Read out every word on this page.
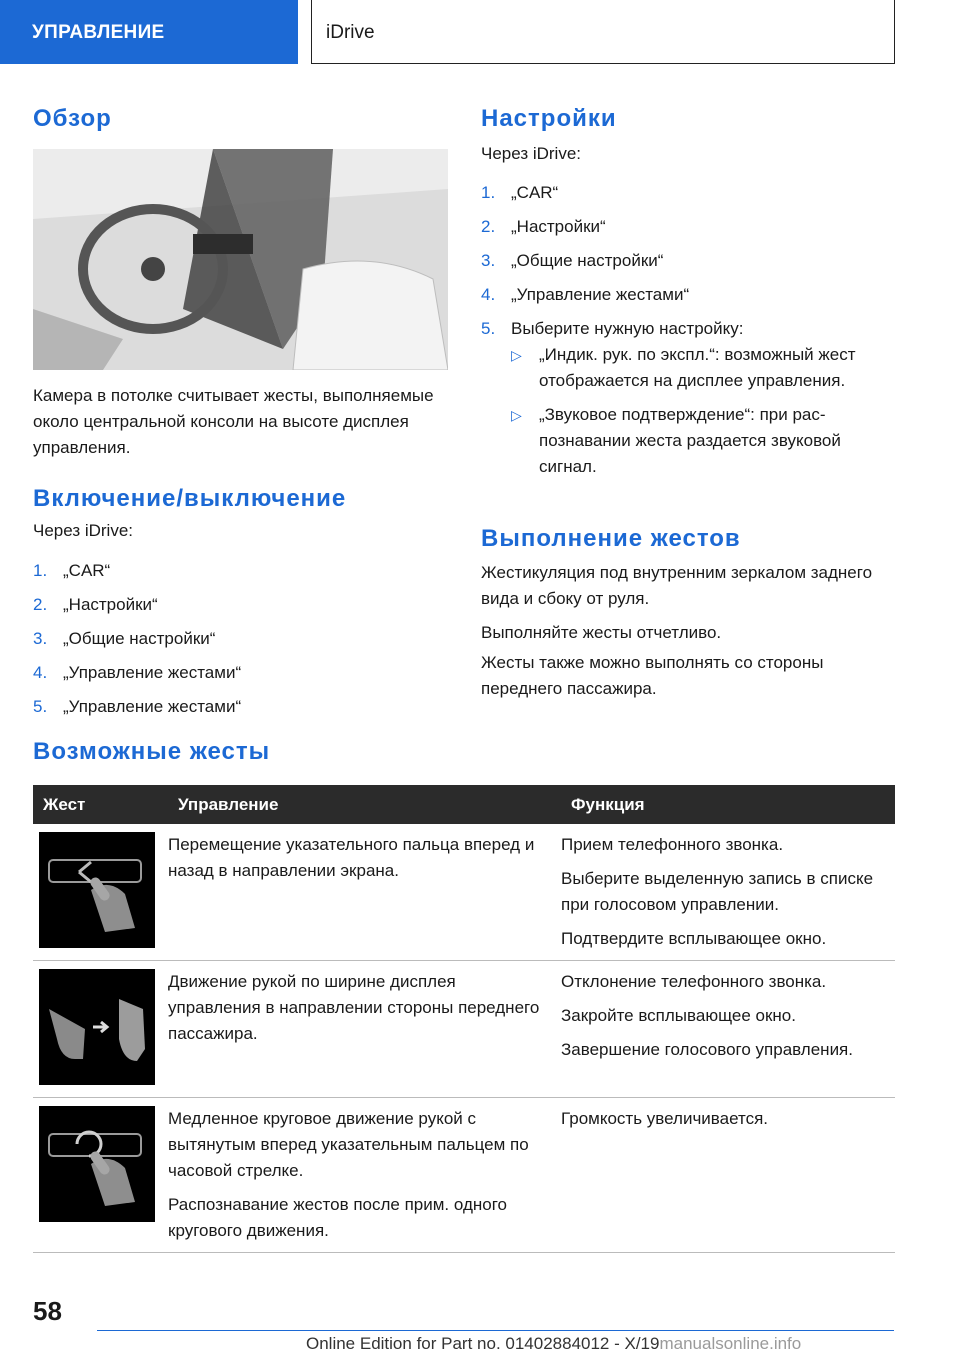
УПРАВЛЕНИЕ	iDrive
Обзор

Камера в потолке считывает жесты, выполняемые около центральной консоли на высоте дисплея управления.

Включение/выключение

Через iDrive:

1. „CAR“
2. „Настройки“
3. „Общие настройки“
4. „Управление жестами“
5. „Управление жестами“
Настройки

Через iDrive:

1. „CAR“
2. „Настройки“
3. „Общие настройки“
4. „Управление жестами“
5. Выберите нужную настройку:
▷ „Индик. рук. по экспл.“: возможный жест отображается на дисплее управления.
▷ „Звуковое подтверждение“: при распознавании жеста раздается звуковой сигнал.
Выполнение жестов

Жестикуляция под внутренним зеркалом заднего вида и сбоку от руля.

Выполняйте жесты отчетливо.

Жесты также можно выполнять со стороны переднего пассажира.

Возможные жесты
Жест	Управление	Функция

Перемещение указательного пальца вперед и назад в направлении экрана.	Прием телефонного звонка.

Выберите выделенную запись в списке при голосовом управлении.

Подтвердите всплывающее окно.

Движение рукой по ширине дисплея управления в направлении стороны переднего пассажира.	Отклонение телефонного звонка.

Закройте всплывающее окно.

Завершение голосового управления.

Медленное круговое движение рукой с вытянутым вперед указательным пальцем по часовой стрелке.

Распознавание жестов после прим. одного кругового движения.	Громкость увеличивается.

58
Online Edition for Part no. 01402884012 - X/19manualsonline.info
